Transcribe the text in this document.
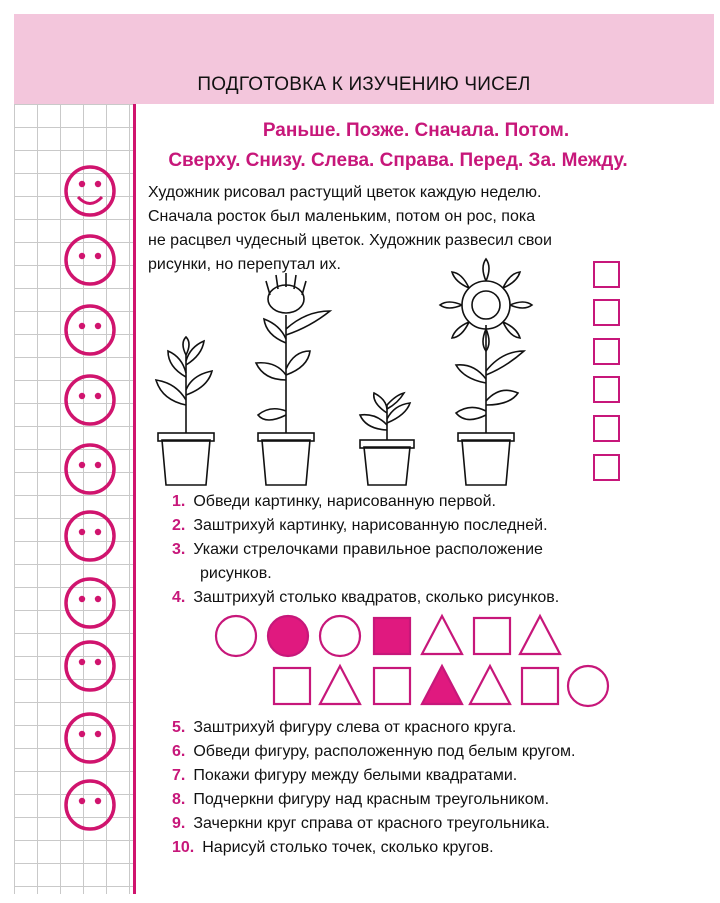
ПОДГОТОВКА К ИЗУЧЕНИЮ ЧИСЕЛ
Раньше. Позже. Сначала. Потом.
Сверху. Снизу. Слева. Справа. Перед. За. Между.
Художник рисовал растущий цветок каждую неделю.
Сначала росток был маленьким, потом он рос, пока
не расцвел чудесный цветок. Художник развесил свои
рисунки, но перепутал их.
1. Обведи картинку, нарисованную первой.
2. Заштрихуй картинку, нарисованную последней.
3. Укажи стрелочками правильное расположение
рисунков.
4. Заштрихуй столько квадратов, сколько рисунков.
5. Заштрихуй фигуру слева от красного круга.
6. Обведи фигуру, расположенную под белым кругом.
7. Покажи фигуру между белыми квадратами.
8. Подчеркни фигуру над красным треугольником.
9. Зачеркни круг справа от красного треугольника.
10. Нарисуй столько точек, сколько кругов.
